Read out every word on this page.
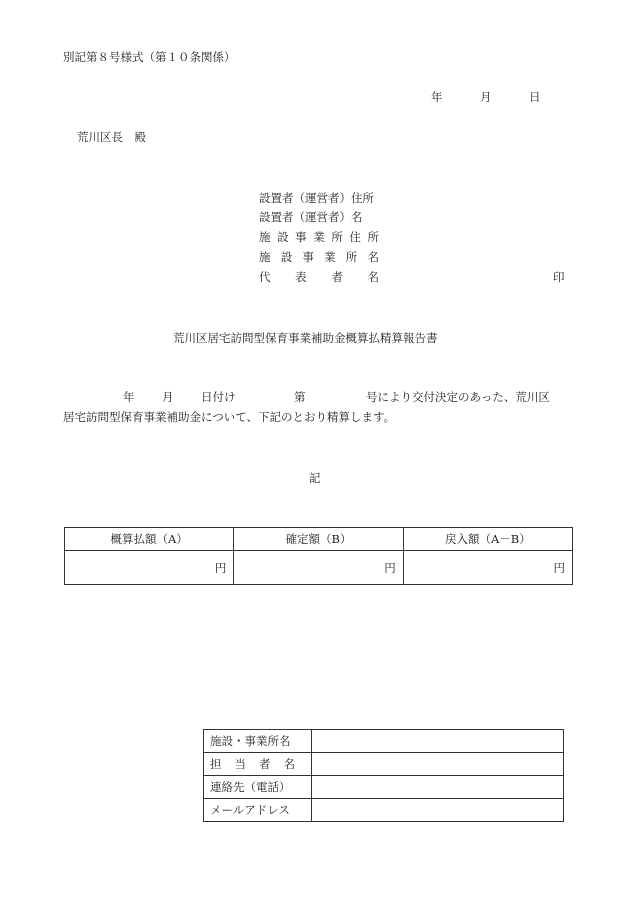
別記第８号様式（第１０条関係）
年	月	日
荒川区長　殿
設置者（運営者）住所
設置者（運営者）名
施 設 事 業 所 住 所
施 設 事 業 所 名
代 表 者 名	印
荒川区居宅訪問型保育事業補助金概算払精算報告書
年 月 日付け	第	号により交付決定のあった、荒川区
居宅訪問型保育事業補助金について、下記のとおり精算します。
記
概算払額（A）	確定額（B）	戻入額（A－B）
円	円	円
施設・事業所名	

担 当 者 名	

連絡先（電話）	
メールアドレス	
